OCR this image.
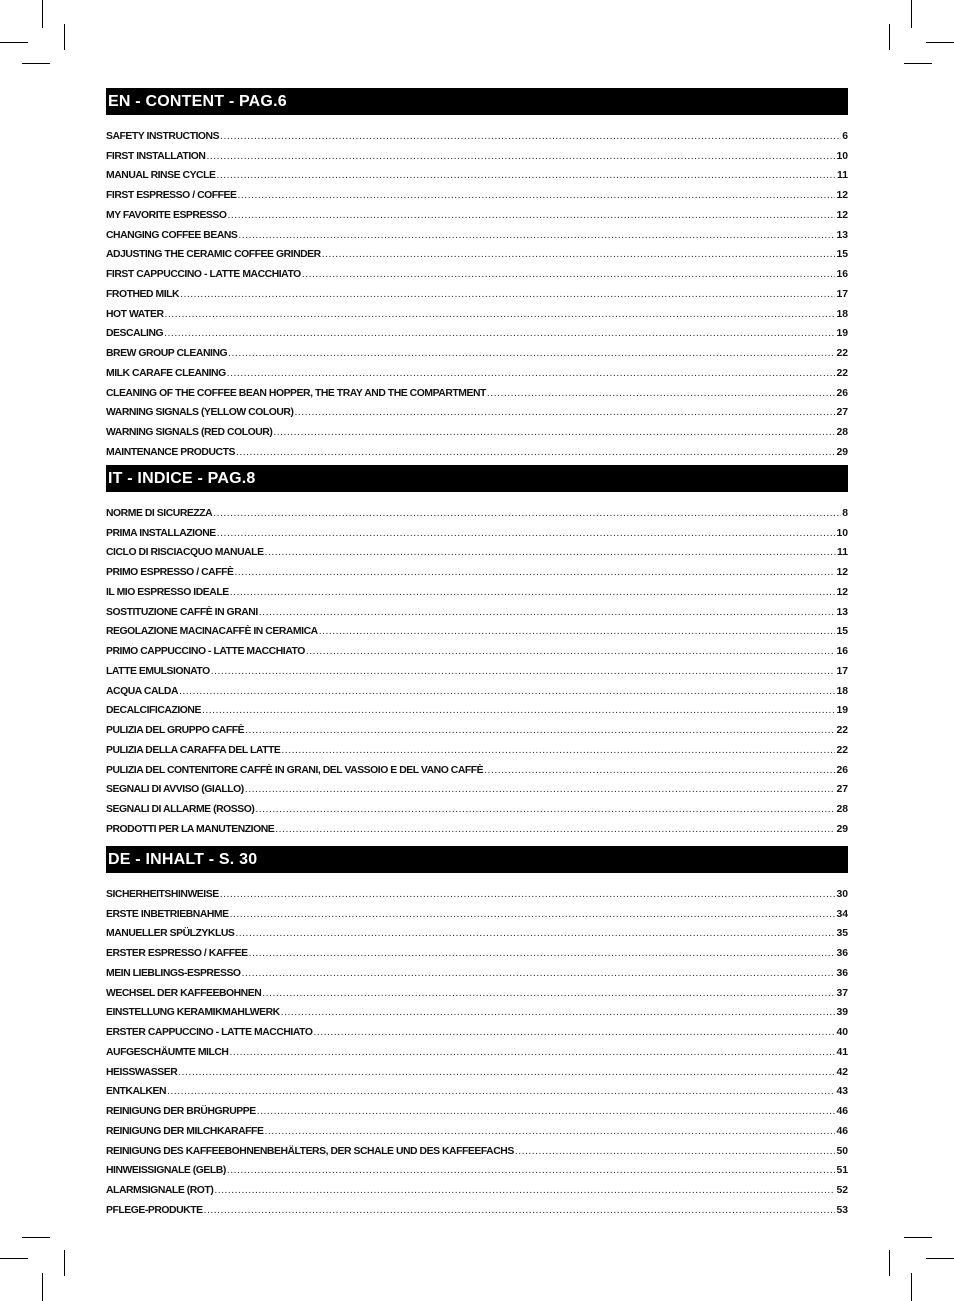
EN - CONTENT - PAG.6
SAFETY INSTRUCTIONS .....	6
FIRST INSTALLATION .....	10
MANUAL RINSE CYCLE .....	11
FIRST ESPRESSO / COFFEE .....	12
MY FAVORITE ESPRESSO .....	12
CHANGING COFFEE BEANS .....	13
ADJUSTING THE CERAMIC COFFEE GRINDER .....	15
FIRST CAPPUCCINO - LATTE MACCHIATO .....	16
FROTHED MILK .....	17
HOT WATER .....	18
DESCALING .....	19
BREW GROUP CLEANING .....	22
MILK CARAFE CLEANING .....	22
CLEANING OF THE COFFEE BEAN HOPPER, THE TRAY AND THE COMPARTMENT .....	26
WARNING SIGNALS (YELLOW COLOUR) .....	27
WARNING SIGNALS (RED COLOUR) .....	28
MAINTENANCE PRODUCTS .....	29
IT - INDICE - PAG.8
NORME DI SICUREZZA .....	8
PRIMA INSTALLAZIONE .....	10
CICLO DI RISCIACQUO MANUALE .....	11
PRIMO ESPRESSO / CAFFÈ .....	12
IL MIO ESPRESSO IDEALE .....	12
SOSTITUZIONE CAFFÈ IN GRANI .....	13
REGOLAZIONE MACINACAFFÈ IN CERAMICA .....	15
PRIMO CAPPUCCINO - LATTE MACCHIATO .....	16
LATTE EMULSIONATO .....	17
ACQUA CALDA .....	18
DECALCIFICAZIONE .....	19
PULIZIA DEL GRUPPO CAFFÈ .....	22
PULIZIA DELLA CARAFFA DEL LATTE .....	22
PULIZIA DEL CONTENITORE CAFFÈ IN GRANI, DEL VASSOIO E DEL VANO CAFFÈ .....	26
SEGNALI DI AVVISO (GIALLO) .....	27
SEGNALI DI ALLARME (ROSSO) .....	28
PRODOTTI PER LA MANUTENZIONE .....	29
DE - INHALT - S. 30
SICHERHEITSHINWEISE .....	30
ERSTE INBETRIEBNAHME .....	34
MANUELLER SPÜLZYKLUS .....	35
ERSTER ESPRESSO / KAFFEE .....	36
MEIN LIEBLINGS-ESPRESSO .....	36
WECHSEL DER KAFFEEBOHNEN .....	37
EINSTELLUNG KERAMIKMAHLWERK .....	39
ERSTER CAPPUCCINO - LATTE MACCHIATO .....	40
AUFGESCHÄUMTE MILCH .....	41
HEISSWASSER .....	42
ENTKALKEN .....	43
REINIGUNG DER BRÜHGRUPPE .....	46
REINIGUNG DER MILCHKARAFFE .....	46
REINIGUNG DES KAFFEEBOHNENBEHÄLTERS, DER SCHALE UND DES KAFFEEFACHS .....	50
HINWEISSIGNALE (GELB) .....	51
ALARMSIGNALE (ROT) .....	52
PFLEGE-PRODUKTE .....	53
